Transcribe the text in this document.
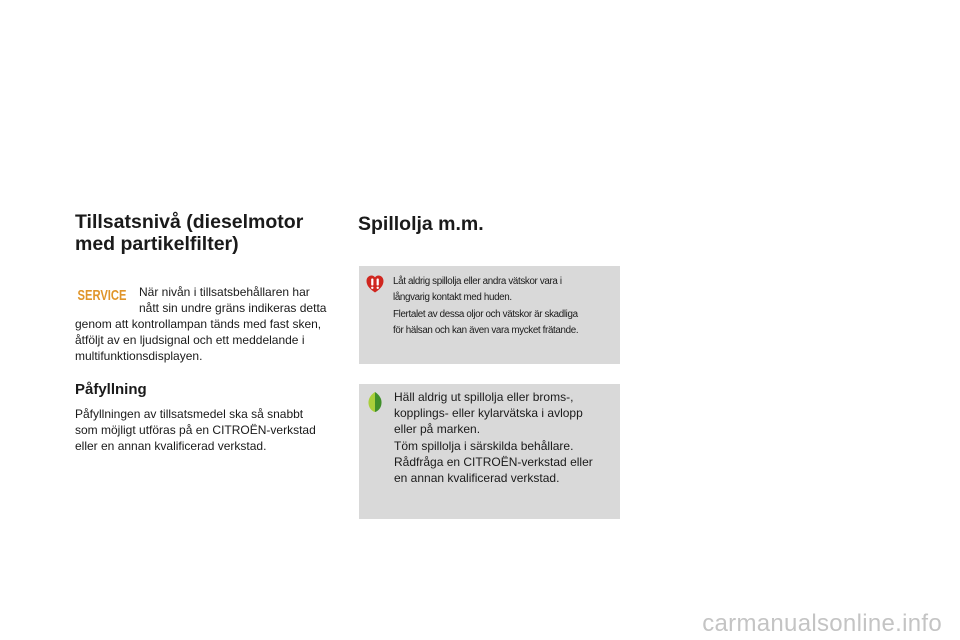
Tillsatsnivå (dieselmotor
med partikelfilter)
SERVICE När nivån i tillsatsbehållaren har
nått sin undre gräns indikeras detta
genom att kontrollampan tänds med fast sken,
åtföljt av en ljudsignal och ett meddelande i
multifunktionsdisplayen.
Påfyllning
Påfyllningen av tillsatsmedel ska så snabbt
som möjligt utföras på en CITROËN-verkstad
eller en annan kvalificerad verkstad.
Spillolja m.m.
Låt aldrig spillolja eller andra vätskor vara i
långvarig kontakt med huden.
Flertalet av dessa oljor och vätskor är skadliga
för hälsan och kan även vara mycket frätande.
Häll aldrig ut spillolja eller broms-,
kopplings- eller kylarvätska i avlopp
eller på marken.
Töm spillolja i särskilda behållare.
Rådfråga en CITROËN-verkstad eller
en annan kvalificerad verkstad.
carmanualsonline.info
